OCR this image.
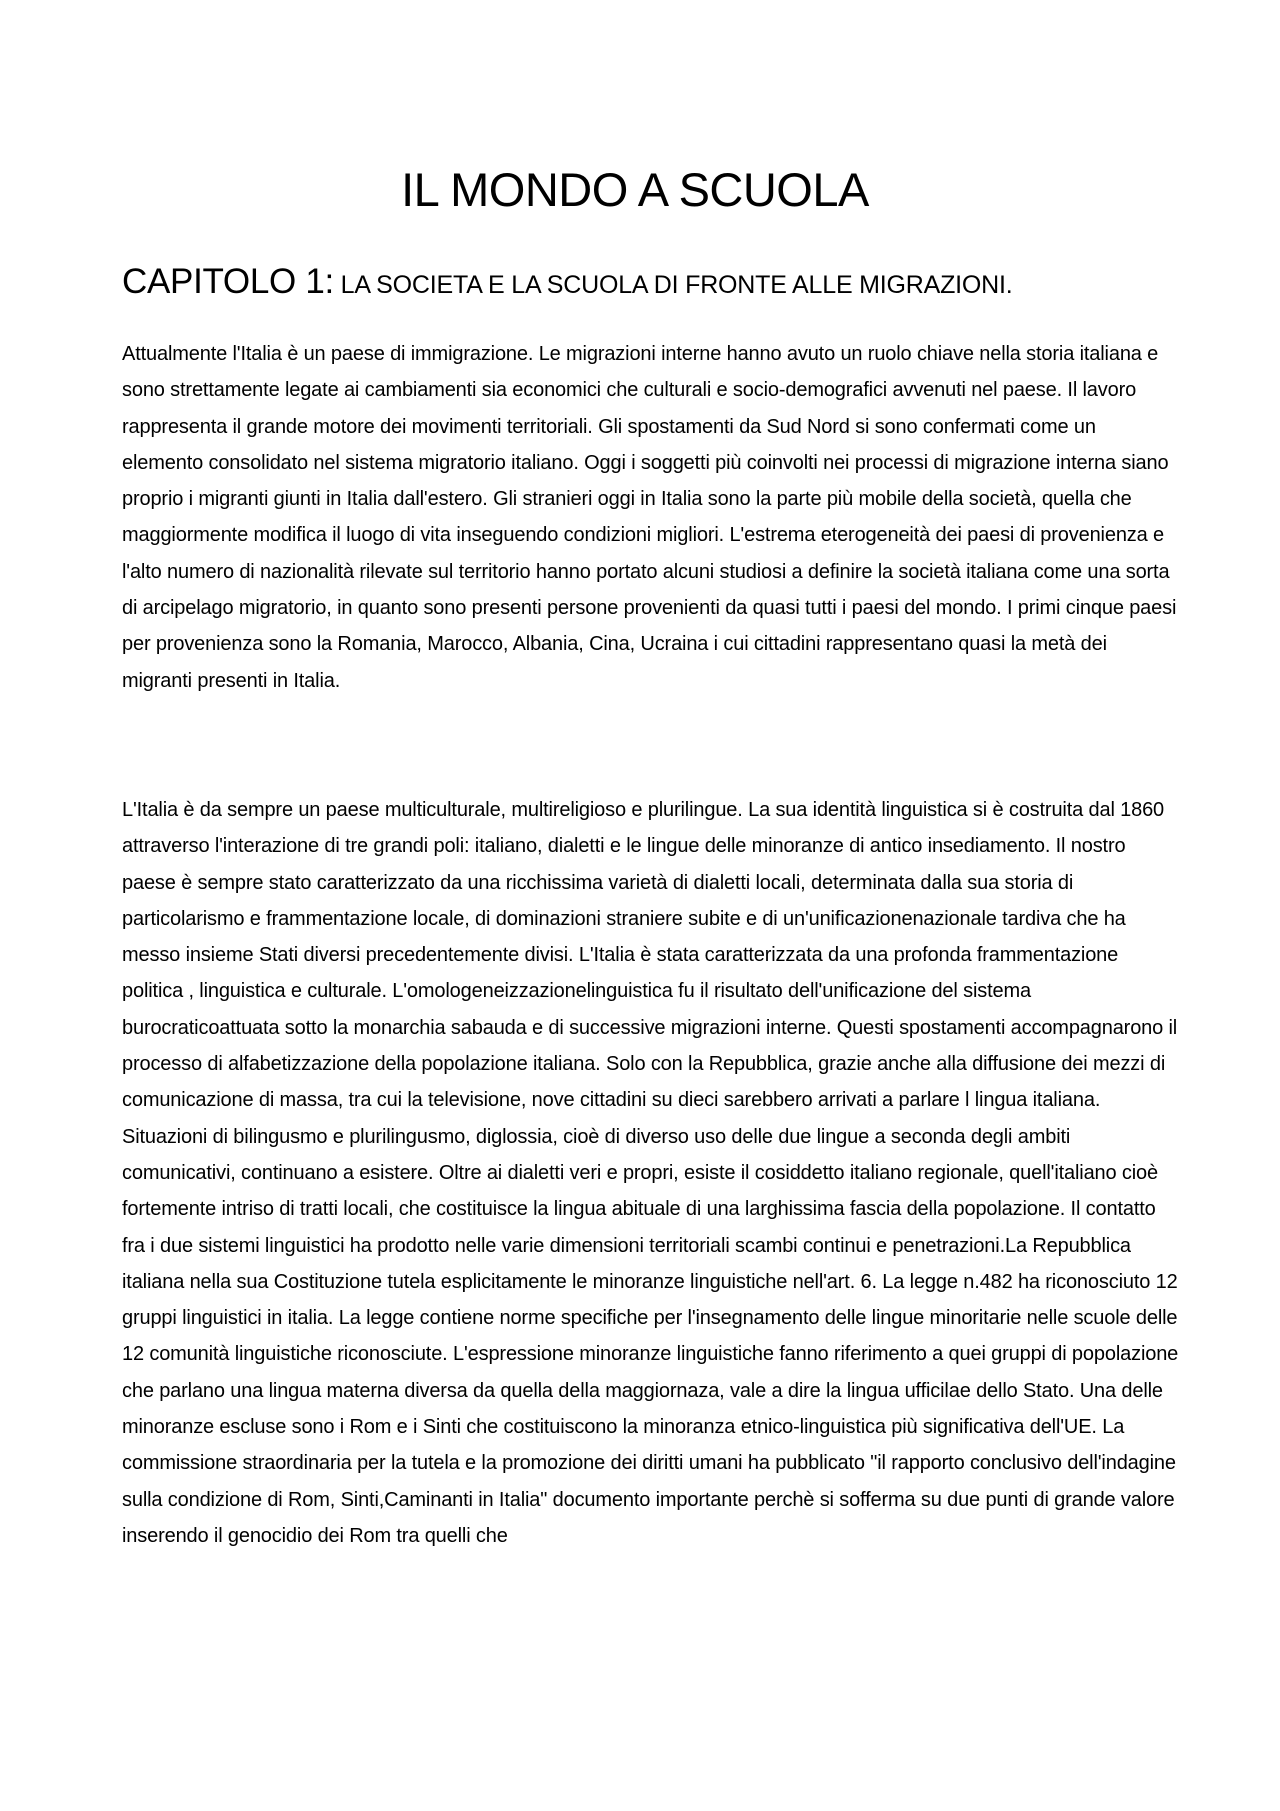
IL MONDO A SCUOLA
CAPITOLO 1: LA SOCIETA E LA SCUOLA DI FRONTE ALLE MIGRAZIONI.

Attualmente l'Italia è un paese di immigrazione. Le migrazioni interne hanno avuto un ruolo chiave nella storia italiana e sono strettamente legate ai cambiamenti sia economici che culturali e socio-demografici avvenuti nel paese. Il lavoro rappresenta il grande motore dei movimenti territoriali. Gli spostamenti da Sud Nord si sono confermati come un elemento consolidato nel sistema migratorio italiano. Oggi i soggetti più coinvolti nei processi di migrazione interna siano proprio i migranti giunti in Italia dall'estero. Gli stranieri oggi in Italia sono la parte più mobile della società, quella che maggiormente modifica il luogo di vita inseguendo condizioni migliori. L'estrema eterogeneità dei paesi di provenienza e l'alto numero di nazionalità rilevate sul territorio hanno portato alcuni studiosi a definire la società italiana come una sorta di arcipelago migratorio, in quanto sono presenti persone provenienti da quasi tutti i paesi del mondo. I primi cinque paesi per provenienza sono la Romania, Marocco, Albania, Cina, Ucraina i cui cittadini rappresentano quasi la metà dei migranti presenti in Italia.

L'Italia è da sempre un paese multiculturale, multireligioso e plurilingue. La sua identità linguistica si è costruita dal 1860 attraverso l'interazione di tre grandi poli: italiano, dialetti e le lingue delle minoranze di antico insediamento. Il nostro paese è sempre stato caratterizzato da una ricchissima varietà di dialetti locali, determinata dalla sua storia di particolarismo e frammentazione locale, di dominazioni straniere subite e di un'unificazionenazionale tardiva che ha messo insieme Stati diversi precedentemente divisi. L'Italia è stata caratterizzata da una profonda frammentazione politica , linguistica e culturale. L'omologeneizzazionelinguistica fu il risultato dell'unificazione del sistema burocraticoattuata sotto la monarchia sabauda e di successive migrazioni interne. Questi spostamenti accompagnarono il processo di alfabetizzazione della popolazione italiana. Solo con la Repubblica, grazie anche alla diffusione dei mezzi di comunicazione di massa, tra cui la televisione, nove cittadini su dieci sarebbero arrivati a parlare l lingua italiana. Situazioni di bilingusmo e plurilingusmo, diglossia, cioè di diverso uso delle due lingue a seconda degli ambiti comunicativi, continuano a esistere. Oltre ai dialetti veri e propri, esiste il cosiddetto italiano regionale, quell'italiano cioè fortemente intriso di tratti locali, che costituisce la lingua abituale di una larghissima fascia della popolazione. Il contatto fra i due sistemi linguistici ha prodotto nelle varie dimensioni territoriali scambi continui e penetrazioni.La Repubblica italiana nella sua Costituzione tutela esplicitamente le minoranze linguistiche nell'art. 6. La legge n.482 ha riconosciuto 12 gruppi linguistici in italia. La legge contiene norme specifiche per l'insegnamento delle lingue minoritarie nelle scuole delle 12 comunità linguistiche riconosciute. L'espressione minoranze linguistiche fanno riferimento a quei gruppi di popolazione che parlano una lingua materna diversa da quella della maggiornaza, vale a dire la lingua ufficilae dello Stato. Una delle minoranze escluse sono i Rom e i Sinti che costituiscono la minoranza etnico-linguistica più significativa dell'UE. La commissione straordinaria per la tutela e la promozione dei diritti umani ha pubblicato "il rapporto conclusivo dell'indagine sulla condizione di Rom, Sinti,Caminanti in Italia" documento importante perchè si sofferma su due punti di grande valore inserendo il genocidio dei Rom tra quelli che
